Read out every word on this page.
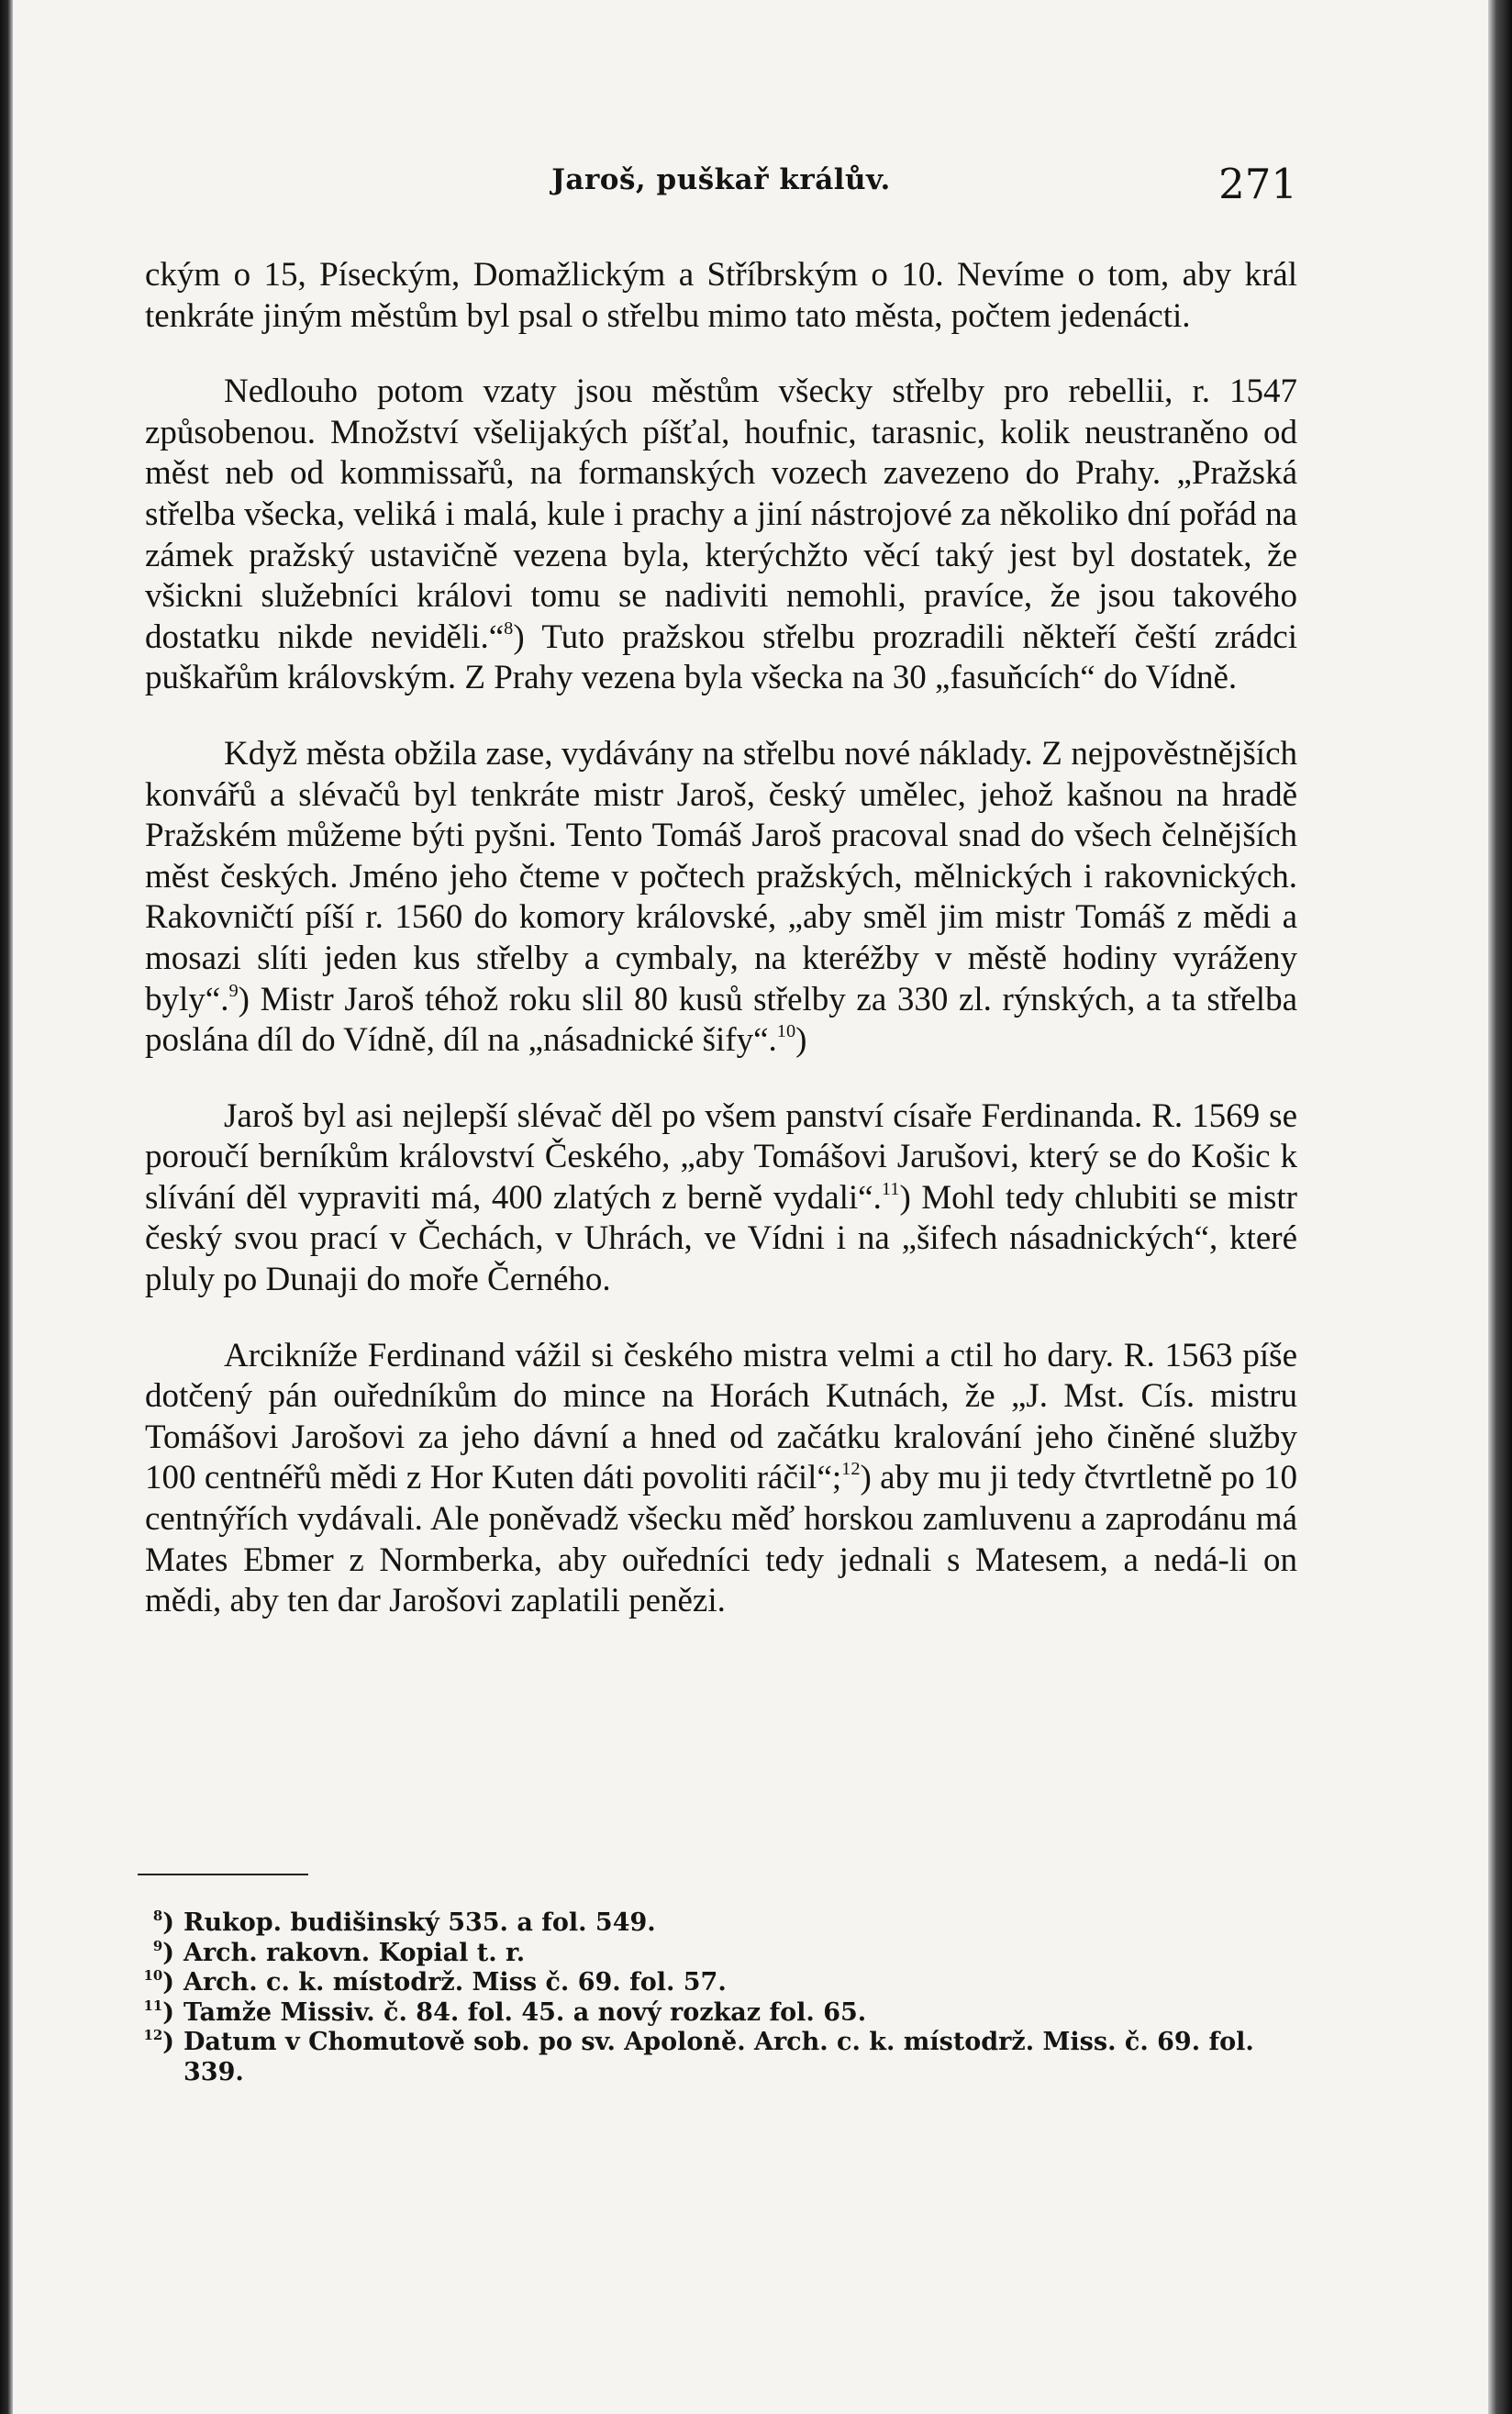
Jaroš, puškař králův.	271

ckým o 15, Píseckým, Domažlickým a Stříbrským o 10. Nevíme o tom, aby král tenkráte jiným městům byl psal o střelbu mimo tato města, počtem jedenácti.

Nedlouho potom vzaty jsou městům všecky střelby pro rebellii, r. 1547 způsobenou. Množství všelijakých píšťal, houfnic, tarasnic, kolik neustraněno od měst neb od kommissařů, na formanských vozech zavezeno do Prahy. „Pražská střelba všecka, veliká i malá, kule i prachy a jiní nástrojové za několiko dní pořád na zámek pražský ustavičně vezena byla, kterýchžto věcí taký jest byl dostatek, že všickni služebníci královi tomu se nadiviti nemohli, pravíce, že jsou takového dostatku nikde neviděli.“$^8$) Tuto pražskou střelbu prozradili někteří čeští zrádci puškařům královským. Z Prahy vezena byla všecka na 30 „fasuňcích“ do Vídně.

Když města obžila zase, vydávány na střelbu nové náklady. Z nejpověstnějších konvářů a slévačů byl tenkráte mistr Jaroš, český umělec, jehož kašnou na hradě Pražském můžeme býti pyšni. Tento Tomáš Jaroš pracoval snad do všech čelnějších měst českých. Jméno jeho čteme v počtech pražských, mělnických i rakovnických. Rakovničtí píší r. 1560 do komory královské, „aby směl jim mistr Tomáš z mědi a mosazi slíti jeden kus střelby a cymbaly, na kteréžby v městě hodiny vyráženy byly“.$^9$) Mistr Jaroš téhož roku slil 80 kusů střelby za 330 zl. rýnských, a ta střelba poslána díl do Vídně, díl na „násadnické šify“.$^{10}$)

Jaroš byl asi nejlepší slévač děl po všem panství císaře Ferdinanda. R. 1569 se poroučí berníkům království Českého, „aby Tomášovi Jarušovi, který se do Košic k slívání děl vypraviti má, 400 zlatých z berně vydali“.$^{11}$) Mohl tedy chlubiti se mistr český svou prací v Čechách, v Uhrách, ve Vídni i na „šifech násadnických“, které pluly po Dunaji do moře Černého.

Arcikníže Ferdinand vážil si českého mistra velmi a ctil ho dary. R. 1563 píše dotčený pán ouředníkům do mince na Horách Kutnách, že „J. Mst. Cís. mistru Tomášovi Jarošovi za jeho dávní a hned od začátku kralování jeho činěné služby 100 centnéřů mědi z Hor Kuten dáti povoliti ráčil“;$^{12}$) aby mu ji tedy čtvrtletně po 10 centnýřích vydávali. Ale poněvadž všecku měď horskou zamluvenu a zaprodánu má Mates Ebmer z Normberka, aby ouředníci tedy jednali s Matesem, a nedá-li on mědi, aby ten dar Jarošovi zaplatili penězi.

$^8$) Rukop. budišinský 535. a fol. 549.

$^9$) Arch. rakovn. Kopial t. r.

$^{10}$) Arch. c. k. místodrž. Miss č. 69. fol. 57.

$^{11}$) Tamže Missiv. č. 84. fol. 45. a nový rozkaz fol. 65.

$^{12}$) Datum v Chomutově sob. po sv. Apoloně. Arch. c. k. místodrž. Miss. č. 69. fol. 339.
